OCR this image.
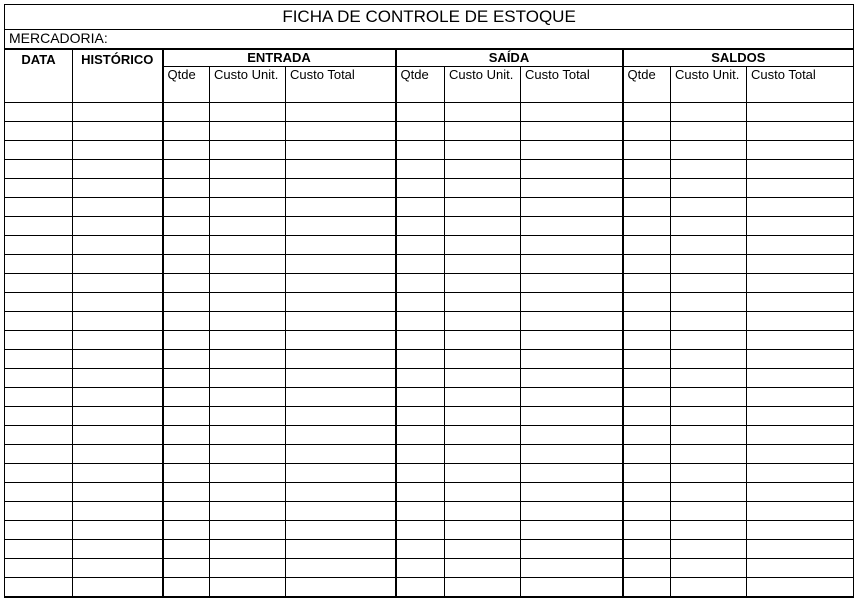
FICHA DE CONTROLE DE ESTOQUE										
MERCADORIA:										
DATA	HISTÓRICO	ENTRADA			SAÍDA			SALDOS		
		Qtde	Custo Unit.	Custo Total	Qtde	Custo Unit.	Custo Total	Qtde	Custo Unit.	Custo Total
